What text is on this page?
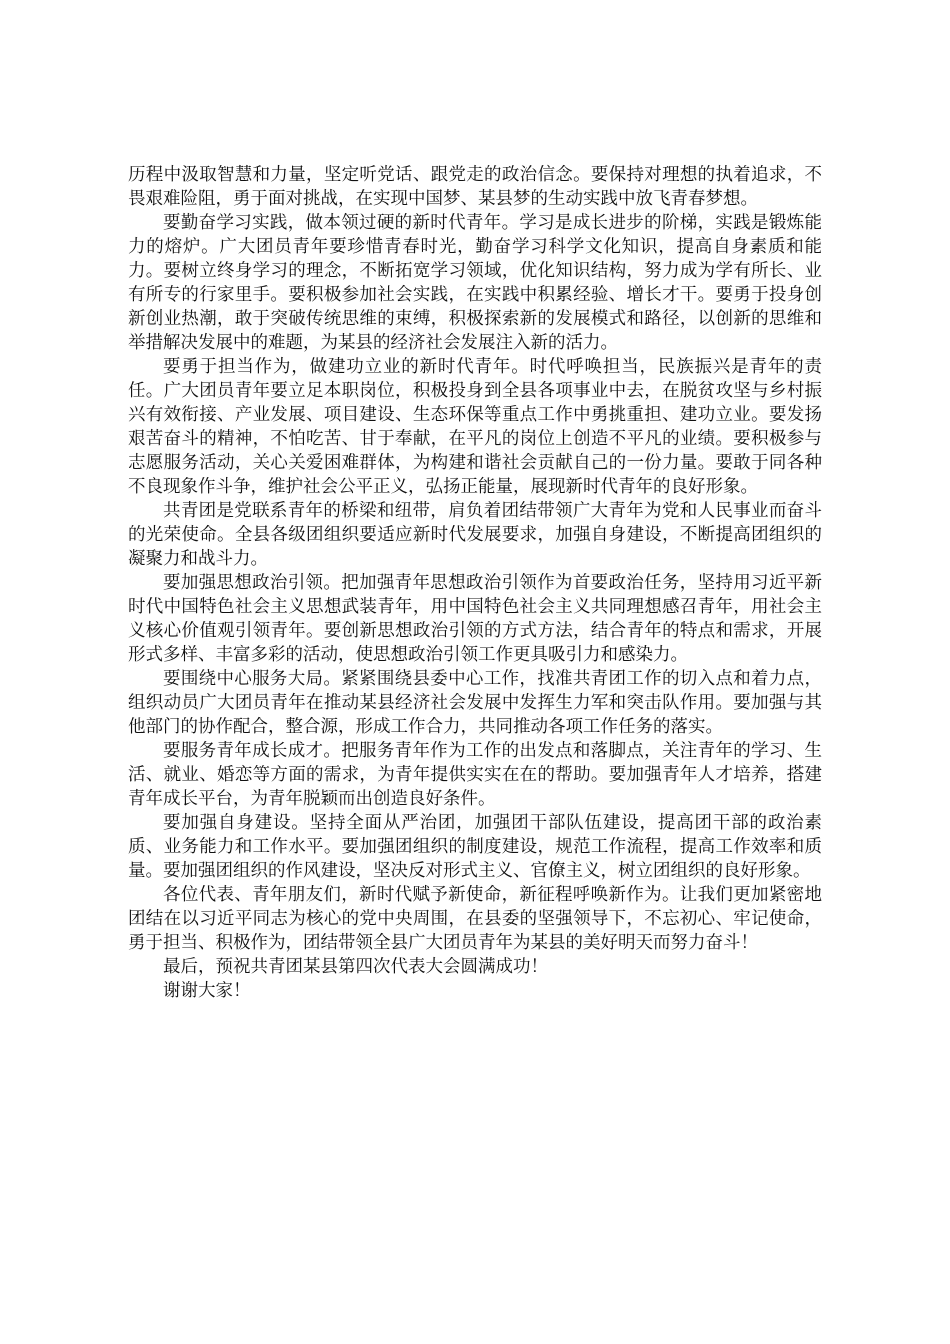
历程中汲取智慧和力量，坚定听党话、跟党走的政治信念。要保持对理想的执着追求，不畏艰难险阻，勇于面对挑战，在实现中国梦、某县梦的生动实践中放飞青春梦想。

要勤奋学习实践，做本领过硬的新时代青年。学习是成长进步的阶梯，实践是锻炼能力的熔炉。广大团员青年要珍惜青春时光，勤奋学习科学文化知识，提高自身素质和能力。要树立终身学习的理念，不断拓宽学习领域，优化知识结构，努力成为学有所长、业有所专的行家里手。要积极参加社会实践，在实践中积累经验、增长才干。要勇于投身创新创业热潮，敢于突破传统思维的束缚，积极探索新的发展模式和路径，以创新的思维和举措解决发展中的难题，为某县的经济社会发展注入新的活力。

要勇于担当作为，做建功立业的新时代青年。时代呼唤担当，民族振兴是青年的责任。广大团员青年要立足本职岗位，积极投身到全县各项事业中去，在脱贫攻坚与乡村振兴有效衔接、产业发展、项目建设、生态环保等重点工作中勇挑重担、建功立业。要发扬艰苦奋斗的精神，不怕吃苦、甘于奉献，在平凡的岗位上创造不平凡的业绩。要积极参与志愿服务活动，关心关爱困难群体，为构建和谐社会贡献自己的一份力量。要敢于同各种不良现象作斗争，维护社会公平正义，弘扬正能量，展现新时代青年的良好形象。

共青团是党联系青年的桥梁和纽带，肩负着团结带领广大青年为党和人民事业而奋斗的光荣使命。全县各级团组织要适应新时代发展要求，加强自身建设，不断提高团组织的凝聚力和战斗力。

要加强思想政治引领。把加强青年思想政治引领作为首要政治任务，坚持用习近平新时代中国特色社会主义思想武装青年，用中国特色社会主义共同理想感召青年，用社会主义核心价值观引领青年。要创新思想政治引领的方式方法，结合青年的特点和需求，开展形式多样、丰富多彩的活动，使思想政治引领工作更具吸引力和感染力。

要围绕中心服务大局。紧紧围绕县委中心工作，找准共青团工作的切入点和着力点，组织动员广大团员青年在推动某县经济社会发展中发挥生力军和突击队作用。要加强与其他部门的协作配合，整合源，形成工作合力，共同推动各项工作任务的落实。

要服务青年成长成才。把服务青年作为工作的出发点和落脚点，关注青年的学习、生活、就业、婚恋等方面的需求，为青年提供实实在在的帮助。要加强青年人才培养，搭建青年成长平台，为青年脱颖而出创造良好条件。

要加强自身建设。坚持全面从严治团，加强团干部队伍建设，提高团干部的政治素质、业务能力和工作水平。要加强团组织的制度建设，规范工作流程，提高工作效率和质量。要加强团组织的作风建设，坚决反对形式主义、官僚主义，树立团组织的良好形象。

各位代表、青年朋友们，新时代赋予新使命，新征程呼唤新作为。让我们更加紧密地团结在以习近平同志为核心的党中央周围，在县委的坚强领导下，不忘初心、牢记使命，勇于担当、积极作为，团结带领全县广大团员青年为某县的美好明天而努力奋斗！

最后，预祝共青团某县第四次代表大会圆满成功！

谢谢大家！
